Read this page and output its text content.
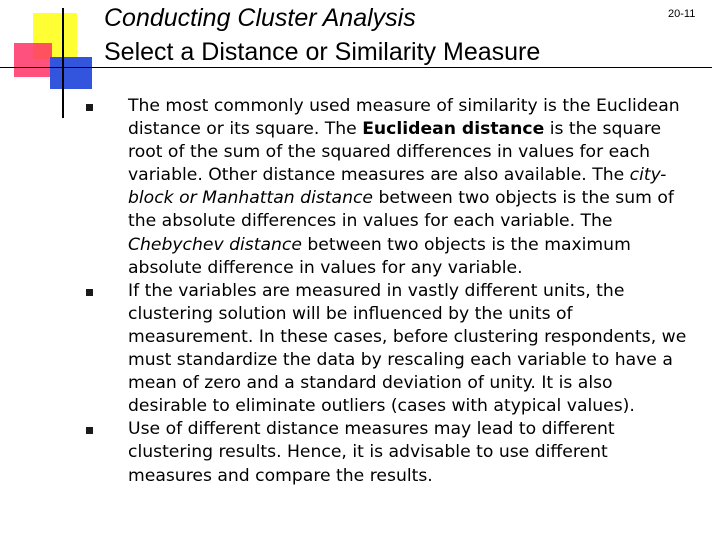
Conducting Cluster Analysis
Select a Distance or Similarity Measure
20-11
The most commonly used measure of similarity is the Euclidean distance or its square. The Euclidean distance is the square root of the sum of the squared differences in values for each variable. Other distance measures are also available. The city-block or Manhattan distance between two objects is the sum of the absolute differences in values for each variable. The Chebychev distance between two objects is the maximum absolute difference in values for any variable.
If the variables are measured in vastly different units, the clustering solution will be influenced by the units of measurement. In these cases, before clustering respondents, we must standardize the data by rescaling each variable to have a mean of zero and a standard deviation of unity. It is also desirable to eliminate outliers (cases with atypical values).
Use of different distance measures may lead to different clustering results. Hence, it is advisable to use different measures and compare the results.
